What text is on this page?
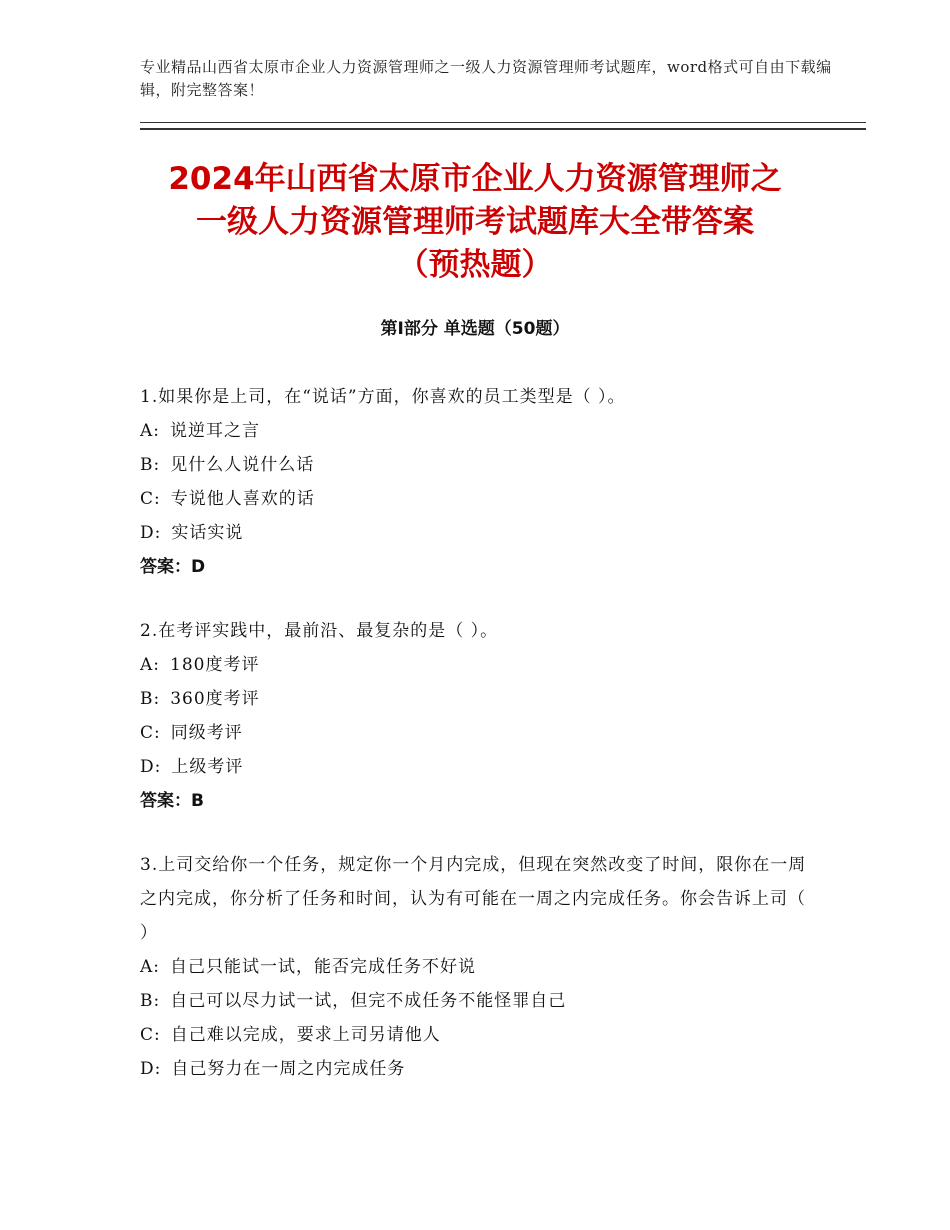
专业精品山西省太原市企业人力资源管理师之一级人力资源管理师考试题库，word格式可自由下载编辑，附完整答案！
2024年山西省太原市企业人力资源管理师之
一级人力资源管理师考试题库大全带答案
（预热题）
第Ⅰ部分 单选题（50题）

1.如果你是上司，在“说话”方面，你喜欢的员工类型是（ ）。

A: 说逆耳之言

B: 见什么人说什么话

C: 专说他人喜欢的话

D: 实话实说

答案：D

2.在考评实践中，最前沿、最复杂的是（ ）。

A: 180度考评

B: 360度考评

C: 同级考评

D: 上级考评

答案：B

3.上司交给你一个任务，规定你一个月内完成，但现在突然改变了时间，限你在一周之内完成，你分析了任务和时间，认为有可能在一周之内完成任务。你会告诉上司（ ）

A: 自己只能试一试，能否完成任务不好说

B: 自己可以尽力试一试，但完不成任务不能怪罪自己

C: 自己难以完成，要求上司另请他人

D: 自己努力在一周之内完成任务
